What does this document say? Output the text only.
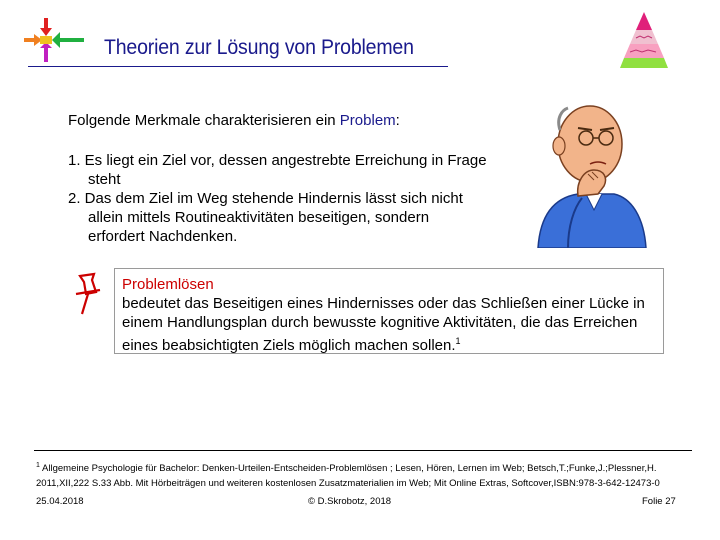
Theorien zur Lösung von Problemen
Folgende Merkmale charakterisieren ein Problem:
1. Es liegt ein Ziel vor, dessen angestrebte Erreichung in Frage steht
2. Das dem Ziel im Weg stehende Hindernis lässt sich nicht allein mittels Routineaktivitäten beseitigen, sondern erfordert Nachdenken.
Problemlösen
bedeutet das Beseitigen eines Hindernisses oder das Schließen einer Lücke in einem Handlungsplan durch bewusste kognitive Aktivitäten, die das Erreichen eines beabsichtigten Ziels möglich machen sollen.$^1$
$^1$ Allgemeine Psychologie für Bachelor: Denken-Urteilen-Entscheiden-Problemlösen ; Lesen, Hören, Lernen im Web; Betsch,T.;Funke,J.;Plessner,H. 2011,XII,222 S.33 Abb. Mit Hörbeiträgen und weiteren kostenlosen Zusatzmaterialien im Web; Mit Online Extras, Softcover,ISBN:978-3-642-12473-0
25.04.2018	© D.Skrobotz, 2018	Folie 27
